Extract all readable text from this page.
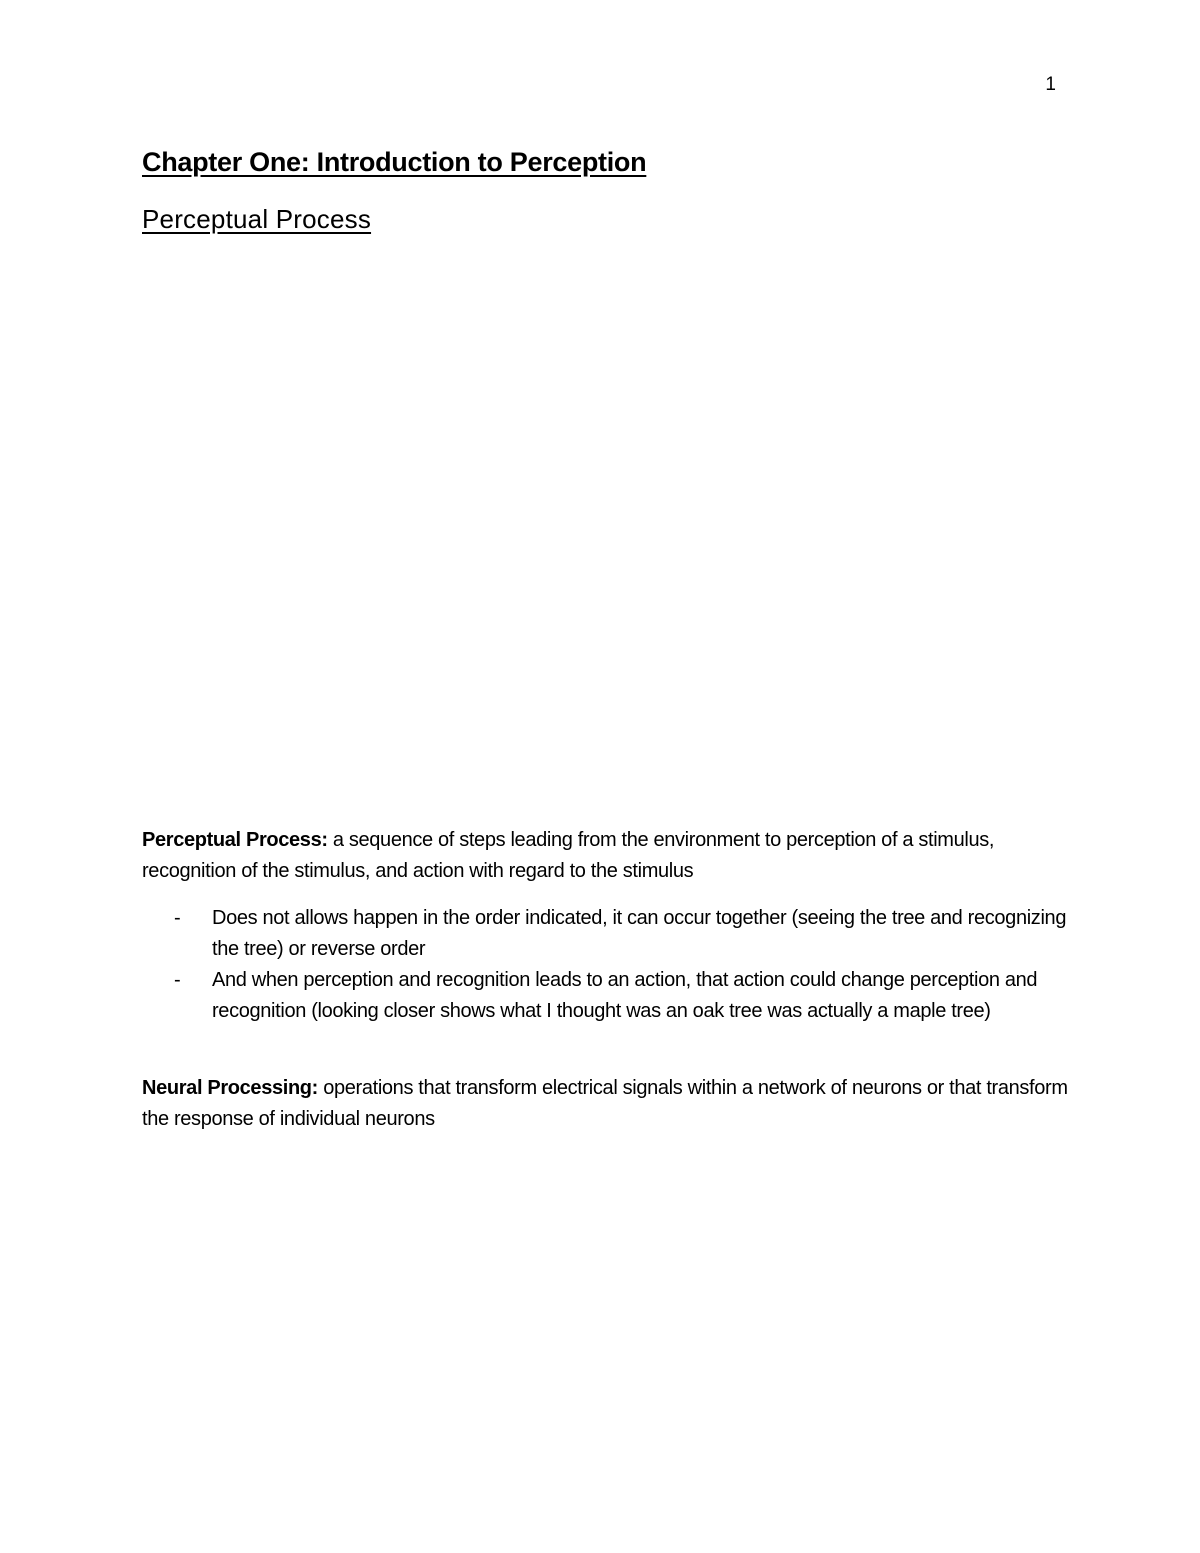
1
Chapter One: Introduction to Perception
Perceptual Process

Perceptual Process: a sequence of steps leading from the environment to perception of a stimulus, recognition of the stimulus, and action with regard to the stimulus

- Does not allows happen in the order indicated, it can occur together (seeing the tree and recognizing the tree) or reverse order
- And when perception and recognition leads to an action, that action could change perception and recognition (looking closer shows what I thought was an oak tree was actually a maple tree)

Neural Processing: operations that transform electrical signals within a network of neurons or that transform the response of individual neurons
